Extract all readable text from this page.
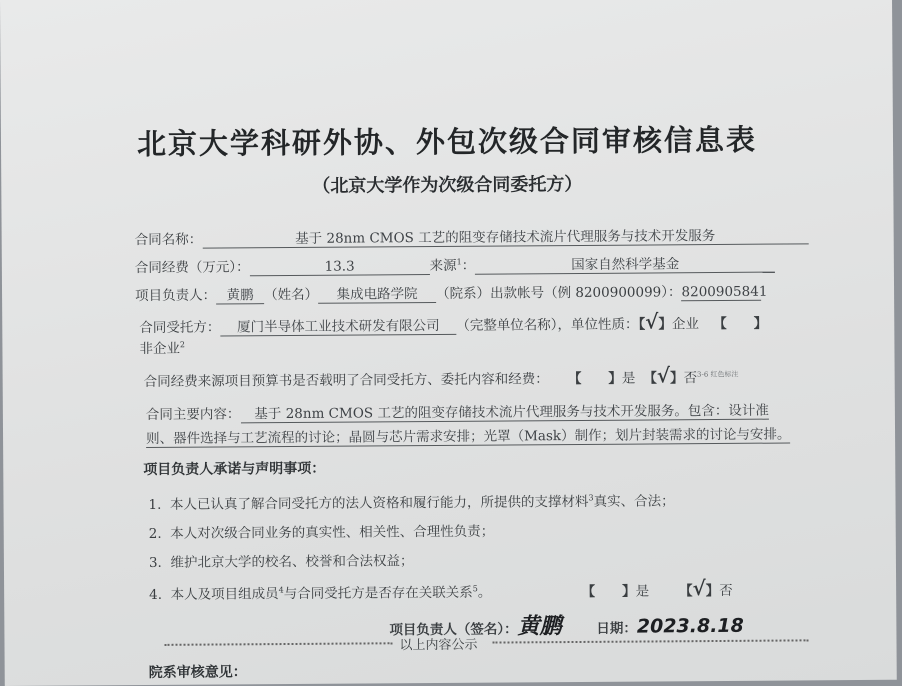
北京大学科研外协、外包次级合同审核信息表
（北京大学作为次级合同委托方）
合同名称：	基于 28nm CMOS 工艺的阻变存储技术流片代理服务与技术开发服务
合同经费（万元）：	13.3	来源$^1$：	国家自然科学基金
项目负责人： 黄鹏 （姓名） 集成电路学院 （院系）出款帐号（例 8200900099）：8200905841
合同受托方： 厦门半导体工业技术研发有限公司 （完整单位名称），单位性质：【√】企业 【　　】
非企业$^2$
合同经费来源项目预算书是否载明了合同受托方、委托内容和经费： 【　　】是 【√】否$^{3-6 红色标注}$
合同主要内容： 基于 28nm CMOS 工艺的阻变存储技术流片代理服务与技术开发服务。包含：设计准
则、器件选择与工艺流程的讨论；晶圆与芯片需求安排；光罩（Mask）制作；划片封装需求的讨论与安排。
项目负责人承诺与声明事项：
1. 本人已认真了解合同受托方的法人资格和履行能力，所提供的支撑材料$^3$真实、合法；
2. 本人对次级合同业务的真实性、相关性、合理性负责；
3. 维护北京大学的校名、校誉和合法权益；
4. 本人及项目组成员$^4$与合同受托方是否存在关联关系$^5$。	【　　】是 【√】否
项目负责人（签名）：黄鹏	日期：2023.8.18
以上内容公示
院系审核意见：
